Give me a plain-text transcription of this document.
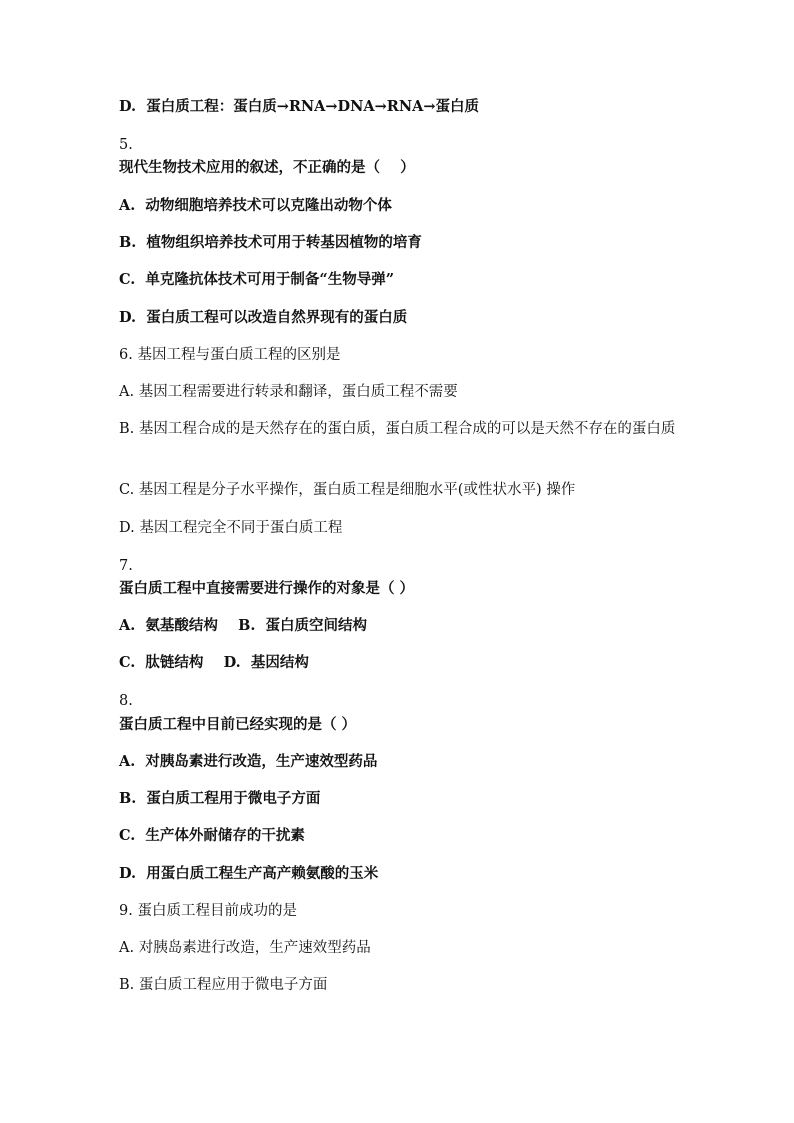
D.  蛋白质工程：蛋白质→RNA→DNA→RNA→蛋白质
5.
现代生物技术应用的叙述，不正确的是（    ）
A.  动物细胞培养技术可以克隆出动物个体
B.  植物组织培养技术可用于转基因植物的培育
C.  单克隆抗体技术可用于制备“生物导弹”
D.  蛋白质工程可以改造自然界现有的蛋白质
6. 基因工程与蛋白质工程的区别是
A. 基因工程需要进行转录和翻译，蛋白质工程不需要
B. 基因工程合成的是天然存在的蛋白质，蛋白质工程合成的可以是天然不存在的蛋白质
C. 基因工程是分子水平操作，蛋白质工程是细胞水平(或性状水平) 操作
D. 基因工程完全不同于蛋白质工程
7.
蛋白质工程中直接需要进行操作的对象是（ ）
A.  氨基酸结构    B.  蛋白质空间结构
C.  肽链结构    D.  基因结构
8.
蛋白质工程中目前已经实现的是（ ）
A.  对胰岛素进行改造，生产速效型药品
B.  蛋白质工程用于微电子方面
C.  生产体外耐储存的干扰素
D.  用蛋白质工程生产高产赖氨酸的玉米
9. 蛋白质工程目前成功的是
A. 对胰岛素进行改造，生产速效型药品
B. 蛋白质工程应用于微电子方面
